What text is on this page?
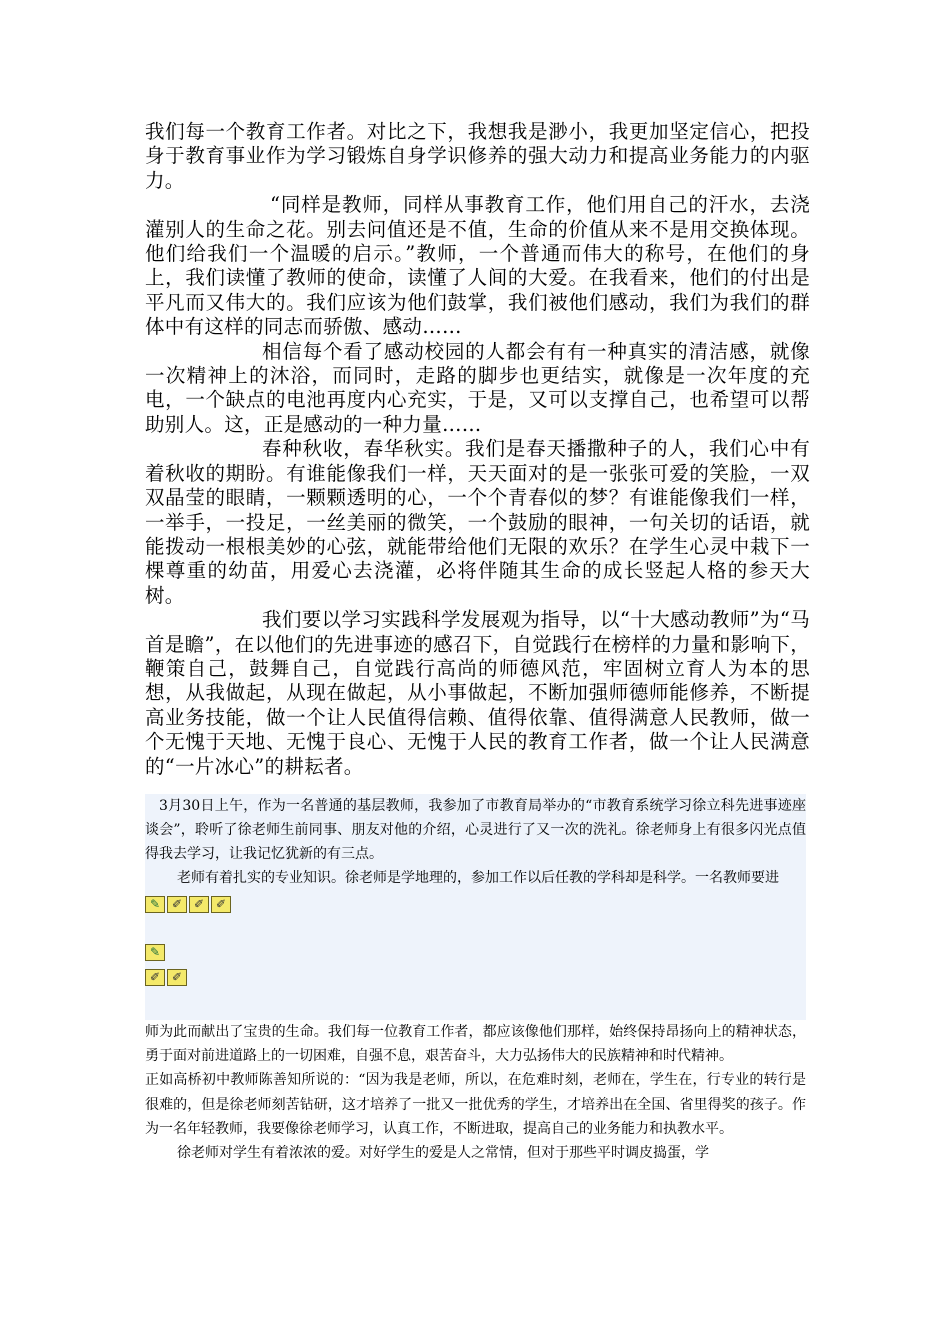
我们每一个教育工作者。对比之下，我想我是渺小，我更加坚定信心，把投身于教育事业作为学习锻炼自身学识修养的强大动力和提高业务能力的内驱力。

“同样是教师，同样从事教育工作，他们用自己的汗水，去浇灌别人的生命之花。别去问值还是不值，生命的价值从来不是用交换体现。他们给我们一个温暖的启示。”教师，一个普通而伟大的称号，在他们的身上，我们读懂了教师的使命，读懂了人间的大爱。在我看来，他们的付出是平凡而又伟大的。我们应该为他们鼓掌，我们被他们感动，我们为我们的群体中有这样的同志而骄傲、感动……

相信每个看了感动校园的人都会有有一种真实的清洁感，就像一次精神上的沐浴，而同时，走路的脚步也更结实，就像是一次年度的充电，一个缺点的电池再度内心充实，于是，又可以支撑自己，也希望可以帮助别人。这，正是感动的一种力量……

春种秋收，春华秋实。我们是春天播撒种子的人，我们心中有着秋收的期盼。有谁能像我们一样，天天面对的是一张张可爱的笑脸，一双双晶莹的眼睛，一颗颗透明的心，一个个青春似的梦？有谁能像我们一样，一举手，一投足，一丝美丽的微笑，一个鼓励的眼神，一句关切的话语，就能拨动一根根美妙的心弦，就能带给他们无限的欢乐？在学生心灵中栽下一棵尊重的幼苗，用爱心去浇灌，必将伴随其生命的成长竖起人格的参天大树。

我们要以学习实践科学发展观为指导，以“十大感动教师”为“马首是瞻”，在以他们的先进事迹的感召下，自觉践行在榜样的力量和影响下，鞭策自己，鼓舞自己，自觉践行高尚的师德风范，牢固树立育人为本的思想，从我做起，从现在做起，从小事做起，不断加强师德师能修养，不断提高业务技能，做一个让人民值得信赖、值得依靠、值得满意人民教师，做一个无愧于天地、无愧于良心、无愧于人民的教育工作者，做一个让人民满意的“一片冰心”的耕耘者。

3月30日上午，作为一名普通的基层教师，我参加了市教育局举办的“市教育系统学习徐立科先进事迹座谈会”，聆听了徐老师生前同事、朋友对他的介绍，心灵进行了又一次的洗礼。徐老师身上有很多闪光点值得我去学习，让我记忆犹新的有三点。

老师有着扎实的专业知识。徐老师是学地理的，参加工作以后任教的学科却是科学。一名教师要进

✎ ✐ ✐ ✐
✎
✐ ✐

师为此而献出了宝贵的生命。我们每一位教育工作者，都应该像他们那样，始终保持昂扬向上的精神状态，勇于面对前进道路上的一切困难，自强不息，艰苦奋斗，大力弘扬伟大的民族精神和时代精神。

正如高桥初中教师陈善知所说的：“因为我是老师，所以，在危难时刻，老师在，学生在，行专业的转行是很难的，但是徐老师刻苦钻研，这才培养了一批又一批优秀的学生，才培养出在全国、省里得奖的孩子。作为一名年轻教师，我要像徐老师学习，认真工作，不断进取，提高自己的业务能力和执教水平。

徐老师对学生有着浓浓的爱。对好学生的爱是人之常情，但对于那些平时调皮捣蛋，学
